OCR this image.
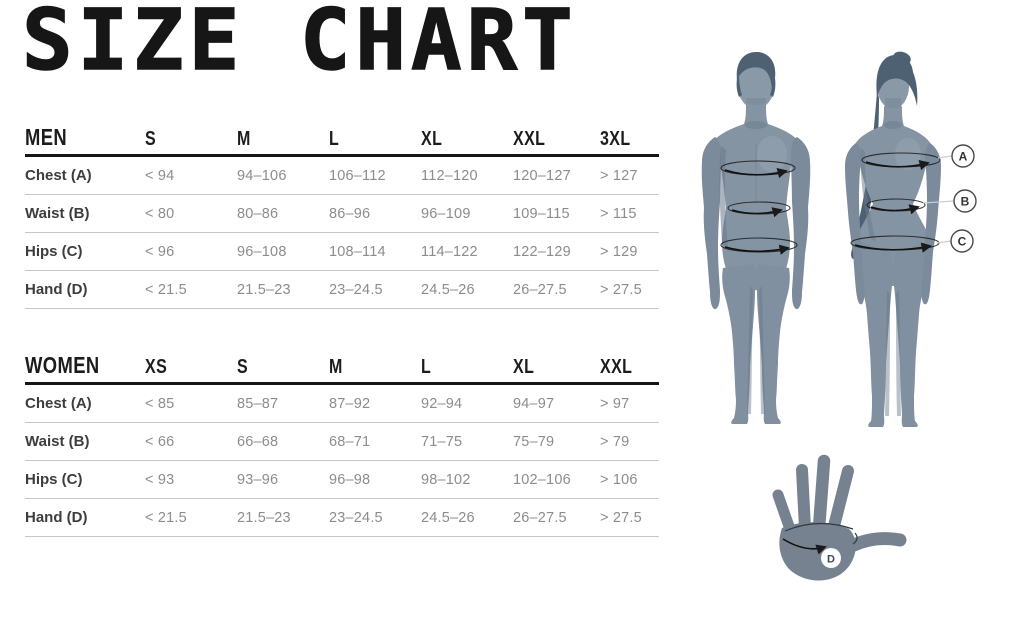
SIZE CHART
MEN	S	M	L	XL	XXL	3XL
Chest (A)	< 94	94–106	106–112	112–120	120–127	> 127
Waist (B)	< 80	80–86	86–96	96–109	109–115	> 115
Hips (C)	< 96	96–108	108–114	114–122	122–129	> 129
Hand (D)	< 21.5	21.5–23	23–24.5	24.5–26	26–27.5	> 27.5
WOMEN	XS	S	M	L	XL	XXL
Chest (A)	< 85	85–87	87–92	92–94	94–97	> 97
Waist (B)	< 66	66–68	68–71	71–75	75–79	> 79
Hips (C)	< 93	93–96	96–98	98–102	102–106	> 106
Hand (D)	< 21.5	21.5–23	23–24.5	24.5–26	26–27.5	> 27.5
A
B
C
D
